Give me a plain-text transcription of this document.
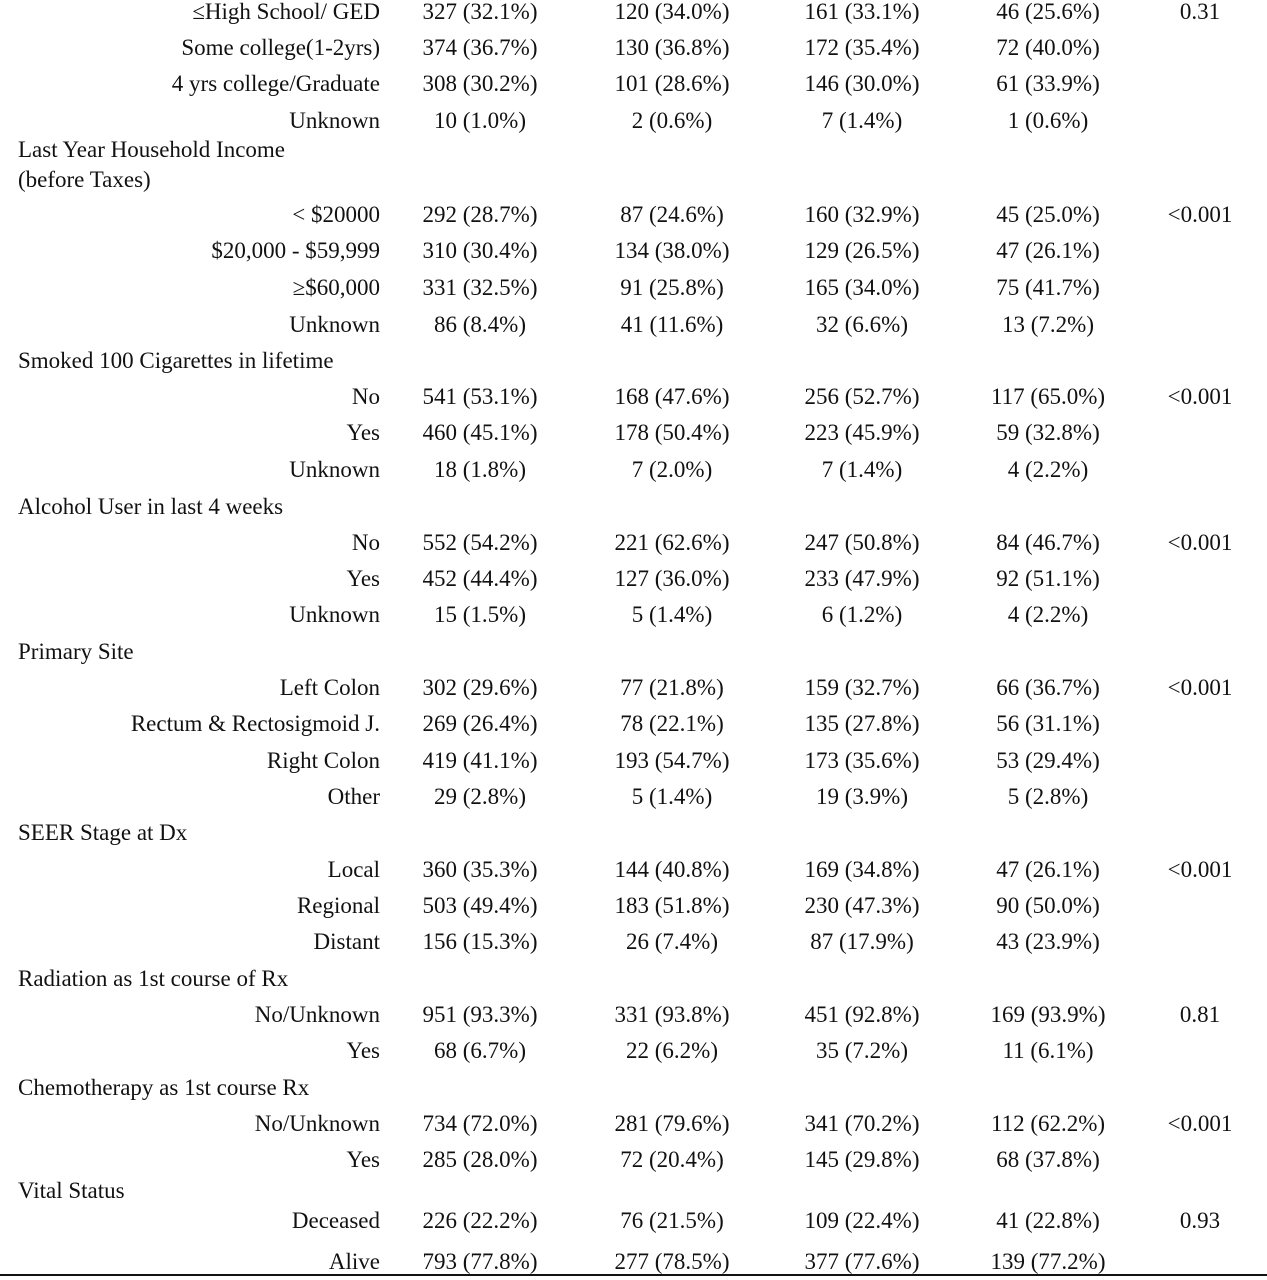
≤High School/ GED	327 (32.1%)	120 (34.0%)	161 (33.1%)	46 (25.6%)	0.31
Some college(1-2yrs)	374 (36.7%)	130 (36.8%)	172 (35.4%)	72 (40.0%)
4 yrs college/Graduate	308 (30.2%)	101 (28.6%)	146 (30.0%)	61 (33.9%)
Unknown	10 (1.0%)	2 (0.6%)	7 (1.4%)	1 (0.6%)
Last Year Household Income
(before Taxes)
< $20000	292 (28.7%)	87 (24.6%)	160 (32.9%)	45 (25.0%)	<0.001
$20,000 - $59,999	310 (30.4%)	134 (38.0%)	129 (26.5%)	47 (26.1%)
≥$60,000	331 (32.5%)	91 (25.8%)	165 (34.0%)	75 (41.7%)
Unknown	86 (8.4%)	41 (11.6%)	32 (6.6%)	13 (7.2%)
Smoked 100 Cigarettes in lifetime
No	541 (53.1%)	168 (47.6%)	256 (52.7%)	117 (65.0%)	<0.001
Yes	460 (45.1%)	178 (50.4%)	223 (45.9%)	59 (32.8%)
Unknown	18 (1.8%)	7 (2.0%)	7 (1.4%)	4 (2.2%)
Alcohol User in last 4 weeks
No	552 (54.2%)	221 (62.6%)	247 (50.8%)	84 (46.7%)	<0.001
Yes	452 (44.4%)	127 (36.0%)	233 (47.9%)	92 (51.1%)
Unknown	15 (1.5%)	5 (1.4%)	6 (1.2%)	4 (2.2%)
Primary Site
Left Colon	302 (29.6%)	77 (21.8%)	159 (32.7%)	66 (36.7%)	<0.001
Rectum & Rectosigmoid J.	269 (26.4%)	78 (22.1%)	135 (27.8%)	56 (31.1%)
Right Colon	419 (41.1%)	193 (54.7%)	173 (35.6%)	53 (29.4%)
Other	29 (2.8%)	5 (1.4%)	19 (3.9%)	5 (2.8%)
SEER Stage at Dx
Local	360 (35.3%)	144 (40.8%)	169 (34.8%)	47 (26.1%)	<0.001
Regional	503 (49.4%)	183 (51.8%)	230 (47.3%)	90 (50.0%)
Distant	156 (15.3%)	26 (7.4%)	87 (17.9%)	43 (23.9%)
Radiation as 1st course of Rx
No/Unknown	951 (93.3%)	331 (93.8%)	451 (92.8%)	169 (93.9%)	0.81
Yes	68 (6.7%)	22 (6.2%)	35 (7.2%)	11 (6.1%)
Chemotherapy as 1st course Rx
No/Unknown	734 (72.0%)	281 (79.6%)	341 (70.2%)	112 (62.2%)	<0.001
Yes	285 (28.0%)	72 (20.4%)	145 (29.8%)	68 (37.8%)
Vital Status
Deceased	226 (22.2%)	76 (21.5%)	109 (22.4%)	41 (22.8%)	0.93
Alive	793 (77.8%)	277 (78.5%)	377 (77.6%)	139 (77.2%)
